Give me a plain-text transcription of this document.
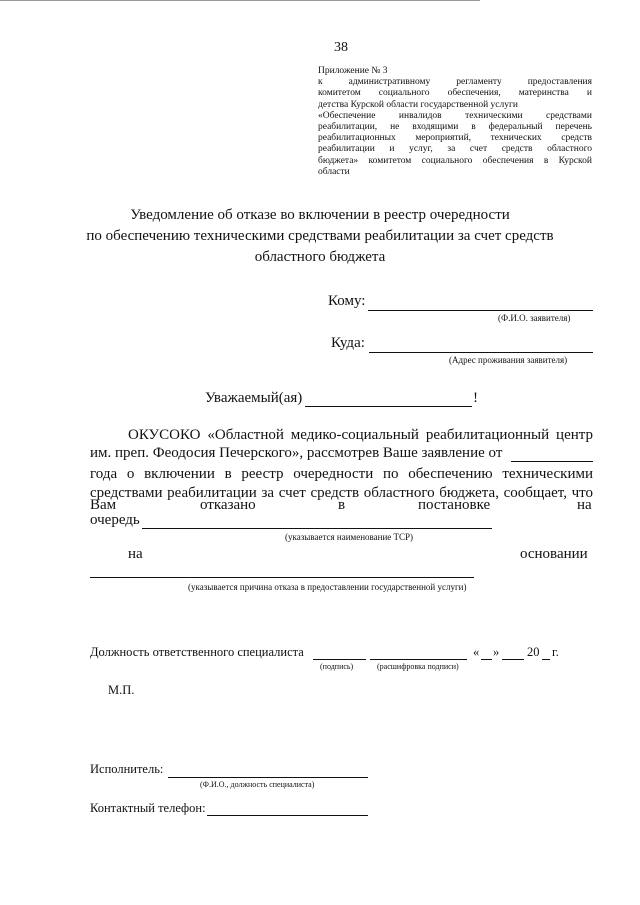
38
Приложение № 3
к административному регламенту предоставления
комитетом социального обеспечения, материнства и
детства Курской области государственной услуги
«Обеспечение инвалидов техническими средствами
реабилитации, не входящими в федеральный перечень
реабилитационных мероприятий, технических средств
реабилитации и услуг, за счет средств областного
бюджета» комитетом социального обеспечения в Курской
области
Уведомление об отказе во включении в реестр очередности
по обеспечению техническими средствами реабилитации за счет средств
областного бюджета
Кому:
(Ф.И.О. заявителя)
Куда:
(Адрес проживания заявителя)
Уважаемый(ая)	!
ОКУСОКО «Областной медико-социальный реабилитационный центр
им. преп. Феодосия Печерского», рассмотрев Ваше заявление от
года о включении в реестр очередности по обеспечению техническими
средствами реабилитации за счет средств областного бюджета, сообщает, что
Вам	отказано	в	постановке	на
очередь
(указывается наименование ТСР)
на	основании
(указывается причина отказа в предоставлении государственной услуги)
Должность ответственного специалиста	« » 20 г.
(подпись)	(расшифровка подписи)
М.П.
Исполнитель:
(Ф.И.О., должность специалиста)
Контактный телефон:
